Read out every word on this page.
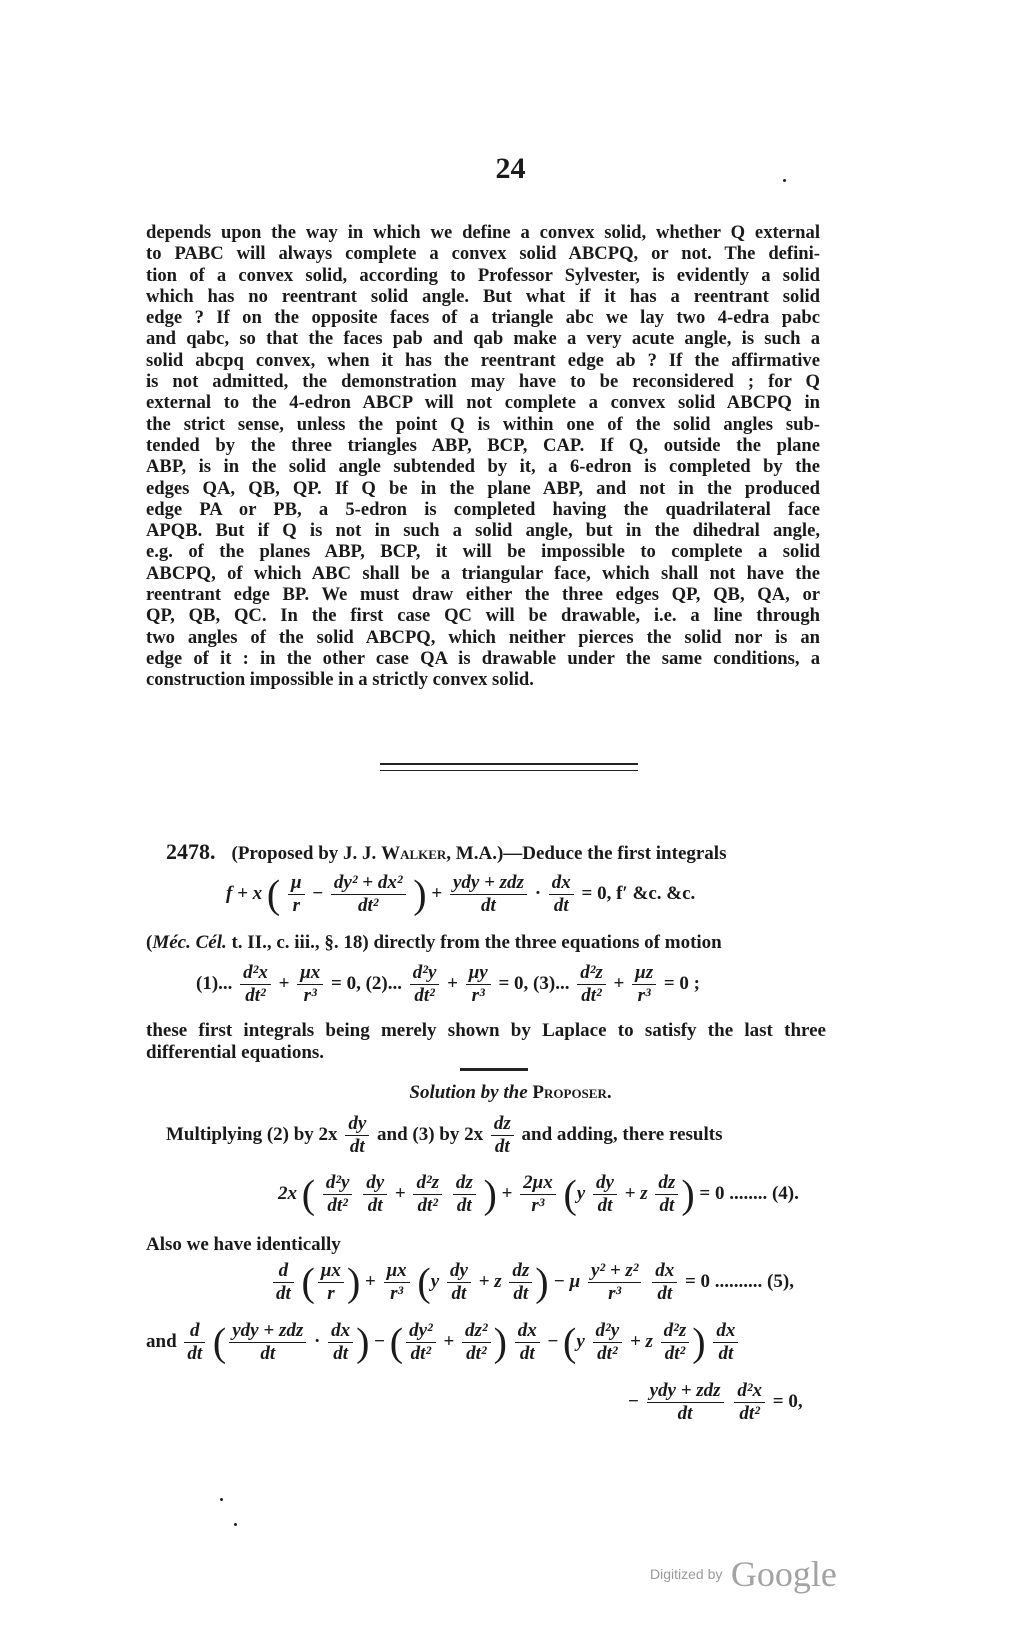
24
depends upon the way in which we define a convex solid, whether Q external
to PABC will always complete a convex solid ABCPQ, or not. The defini-
tion of a convex solid, according to Professor Sylvester, is evidently a solid
which has no reentrant solid angle. But what if it has a reentrant solid
edge ? If on the opposite faces of a triangle abc we lay two 4-edra pabc
and qabc, so that the faces pab and qab make a very acute angle, is such a
solid abcpq convex, when it has the reentrant edge ab ? If the affirmative
is not admitted, the demonstration may have to be reconsidered ; for Q
external to the 4-edron ABCP will not complete a convex solid ABCPQ in
the strict sense, unless the point Q is within one of the solid angles sub-
tended by the three triangles ABP, BCP, CAP. If Q, outside the plane
ABP, is in the solid angle subtended by it, a 6-edron is completed by the
edges QA, QB, QP. If Q be in the plane ABP, and not in the produced
edge PA or PB, a 5-edron is completed having the quadrilateral face
APQB. But if Q is not in such a solid angle, but in the dihedral angle,
e.g. of the planes ABP, BCP, it will be impossible to complete a solid
ABCPQ, of which ABC shall be a triangular face, which shall not have the
reentrant edge BP. We must draw either the three edges QP, QB, QA, or
QP, QB, QC. In the first case QC will be drawable, i.e. a line through
two angles of the solid ABCPQ, which neither pierces the solid nor is an
edge of it : in the other case QA is drawable under the same conditions, a
construction impossible in a strictly convex solid.
2478. (Proposed by J. J. Walker, M.A.)—Deduce the first integrals
f + x ( $\frac{\mu}{r} - \frac{\text{dy² + dx²}}{\text{dt²}}$ ) + $\frac{\text{ydy + zdz}}{dt} \cdot \frac{dx}{dt} = 0$, f′ &c. &c.
(Méc. Cél. t. II., c. iii., §. 18) directly from the three equations of motion
(1)... $\frac{\text{d²x}}{\text{dt²}} + \frac{\mu x}{\text{r³}} = 0$, (2)... $\frac{\text{d²y}}{\text{dt²}} + \frac{\mu y}{\text{r³}} = 0$, (3)... $\frac{\text{d²z}}{\text{dt²}} + \frac{\mu z}{\text{r³}} = 0$ ;
these first integrals being merely shown by Laplace to satisfy the last three
differential equations.
Solution by the Proposer.
Multiplying (2) by $2x \frac{dy}{dt}$ and (3) by $2x \frac{dz}{dt}$ and adding, there results
2x ( $\frac{\text{d²y}}{\text{dt²}}$
$\frac{dy}{dt} + \frac{\text{d²z}}{\text{dt²}}$
$\frac{dz}{dt}$ ) + $\frac{2\mu x}{\text{r³}} (y \frac{dy}{dt} + z \frac{dz}{dt}$ ) = 0 ........ (4).
Also we have identically
$\frac{d}{dt}$ ( $\frac{\mu x}{r}$ ) + $\frac{\mu x}{\text{r³}} (y \frac{dy}{dt} + z \frac{dz}{dt}$ ) − μ $\frac{\text{y² + z²}}{\text{r³}}$
$\frac{dx}{dt} = 0$ .......... (5),
and $\frac{d}{dt}$ ( $\frac{\text{ydy + zdz}}{dt} \cdot \frac{dx}{dt}$ ) − ( $\frac{\text{dy²}}{\text{dt²}} + \frac{\text{dz²}}{\text{dt²}}$ ) $\frac{dx}{dt} - (y \frac{\text{d²y}}{\text{dt²}} + z \frac{\text{d²z}}{\text{dt²}}$ ) $\frac{dx}{dt}$
− $\frac{\text{ydy + zdz}}{dt}$
$\frac{\text{d²x}}{\text{dt²}} = 0$,
Digitized by Google
